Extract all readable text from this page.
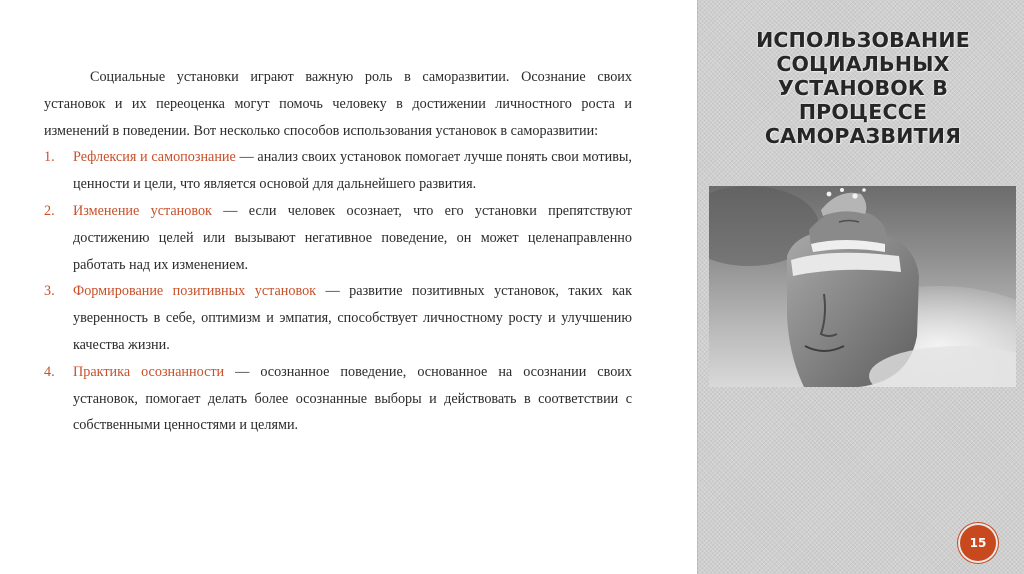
ИСПОЛЬЗОВАНИЕ СОЦИАЛЬНЫХ УСТАНОВОК В ПРОЦЕССЕ САМОРАЗВИТИЯ

Социальные установки играют важную роль в саморазвитии. Осознание своих установок и их переоценка могут помочь человеку в достижении личностного роста и изменений в поведении. Вот несколько способов использования установок в саморазвитии:

1. Рефлексия и самопознание — анализ своих установок помогает лучше понять свои мотивы, ценности и цели, что является основой для дальнейшего развития.
2. Изменение установок — если человек осознает, что его установки препятствуют достижению целей или вызывают негативное поведение, он может целенаправленно работать над их изменением.
3. Формирование позитивных установок — развитие позитивных установок, таких как уверенность в себе, оптимизм и эмпатия, способствует личностному росту и улучшению качества жизни.
4. Практика осознанности — осознанное поведение, основанное на осознании своих установок, помогает делать более осознанные выборы и действовать в соответствии с собственными ценностями и целями.
15
